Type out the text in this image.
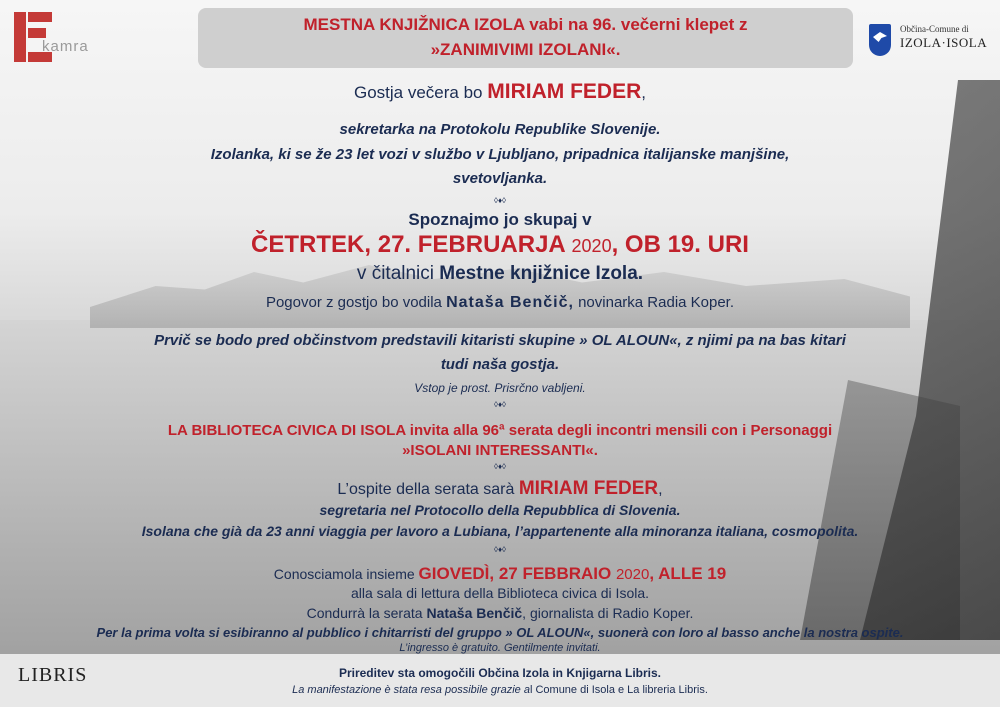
kamra
MESTNA KNJIŽNICA IZOLA vabi na 96. večerni klepet z
»ZANIMIVIMI IZOLANI«.
Občina-Comune di
IZOLA·ISOLA
Gostja večera bo MIRIAM FEDER,
sekretarka na Protokolu Republike Slovenije.
Izolanka, ki se že 23 let vozi v službo v Ljubljano, pripadnica italijanske manjšine,
svetovljanka.
◊♦◊
Spoznajmo jo skupaj v
ČETRTEK, 27. FEBRUARJA 2020, OB 19. URI
v čitalnici Mestne knjižnice Izola.
Pogovor z gostjo bo vodila Nataša Benčič, novinarka Radia Koper.
Prvič se bodo pred občinstvom predstavili kitaristi skupine » OL ALOUN«, z njimi pa na bas kitari
tudi naša gostja.
Vstop je prost. Prisrčno vabljeni.
◊♦◊
LA BIBLIOTECA CIVICA DI ISOLA invita alla 96ª serata degli incontri mensili con i Personaggi
»ISOLANI INTERESSANTI«.
◊♦◊
L’ospite della serata sarà MIRIAM FEDER,
segretaria nel Protocollo della Repubblica di Slovenia.
Isolana che già da 23 anni viaggia per lavoro a Lubiana, l’appartenente alla minoranza italiana, cosmopolita.
◊♦◊
Conosciamola insieme GIOVEDÌ, 27 FEBBRAIO 2020, ALLE 19
alla sala di lettura della Biblioteca civica di Isola.
Condurrà la serata Nataša Benčič, giornalista di Radio Koper.
Per la prima volta si esibiranno al pubblico i chitarristi del gruppo » OL ALOUN«, suonerà con loro al basso anche la nostra ospite.
L’ingresso è gratuito. Gentilmente invitati.
LIBRIS	Prireditev sta omogočili Občina Izola in Knjigarna Libris.
La manifestazione è stata resa possibile grazie al Comune di Isola e La libreria Libris.
